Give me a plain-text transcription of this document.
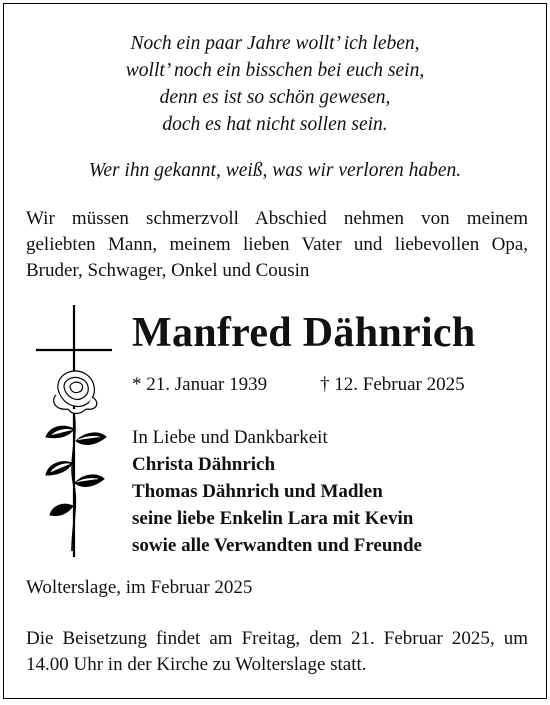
Noch ein paar Jahre wollt’ ich leben,
wollt’ noch ein bisschen bei euch sein,
denn es ist so schön gewesen,
doch es hat nicht sollen sein.
Wer ihn gekannt, weiß, was wir verloren haben.
Wir müssen schmerzvoll Abschied nehmen von meinem geliebten Mann, meinem lieben Vater und liebevollen Opa, Bruder, Schwager, Onkel und Cousin
Manfred Dähnrich
* 21. Januar 1939	† 12. Februar 2025
In Liebe und Dankbarkeit
Christa Dähnrich
Thomas Dähnrich und Madlen
seine liebe Enkelin Lara mit Kevin
sowie alle Verwandten und Freunde
Wolterslage, im Februar 2025
Die Beisetzung findet am Freitag, dem 21. Februar 2025, um 14.00 Uhr in der Kirche zu Wolterslage statt.
